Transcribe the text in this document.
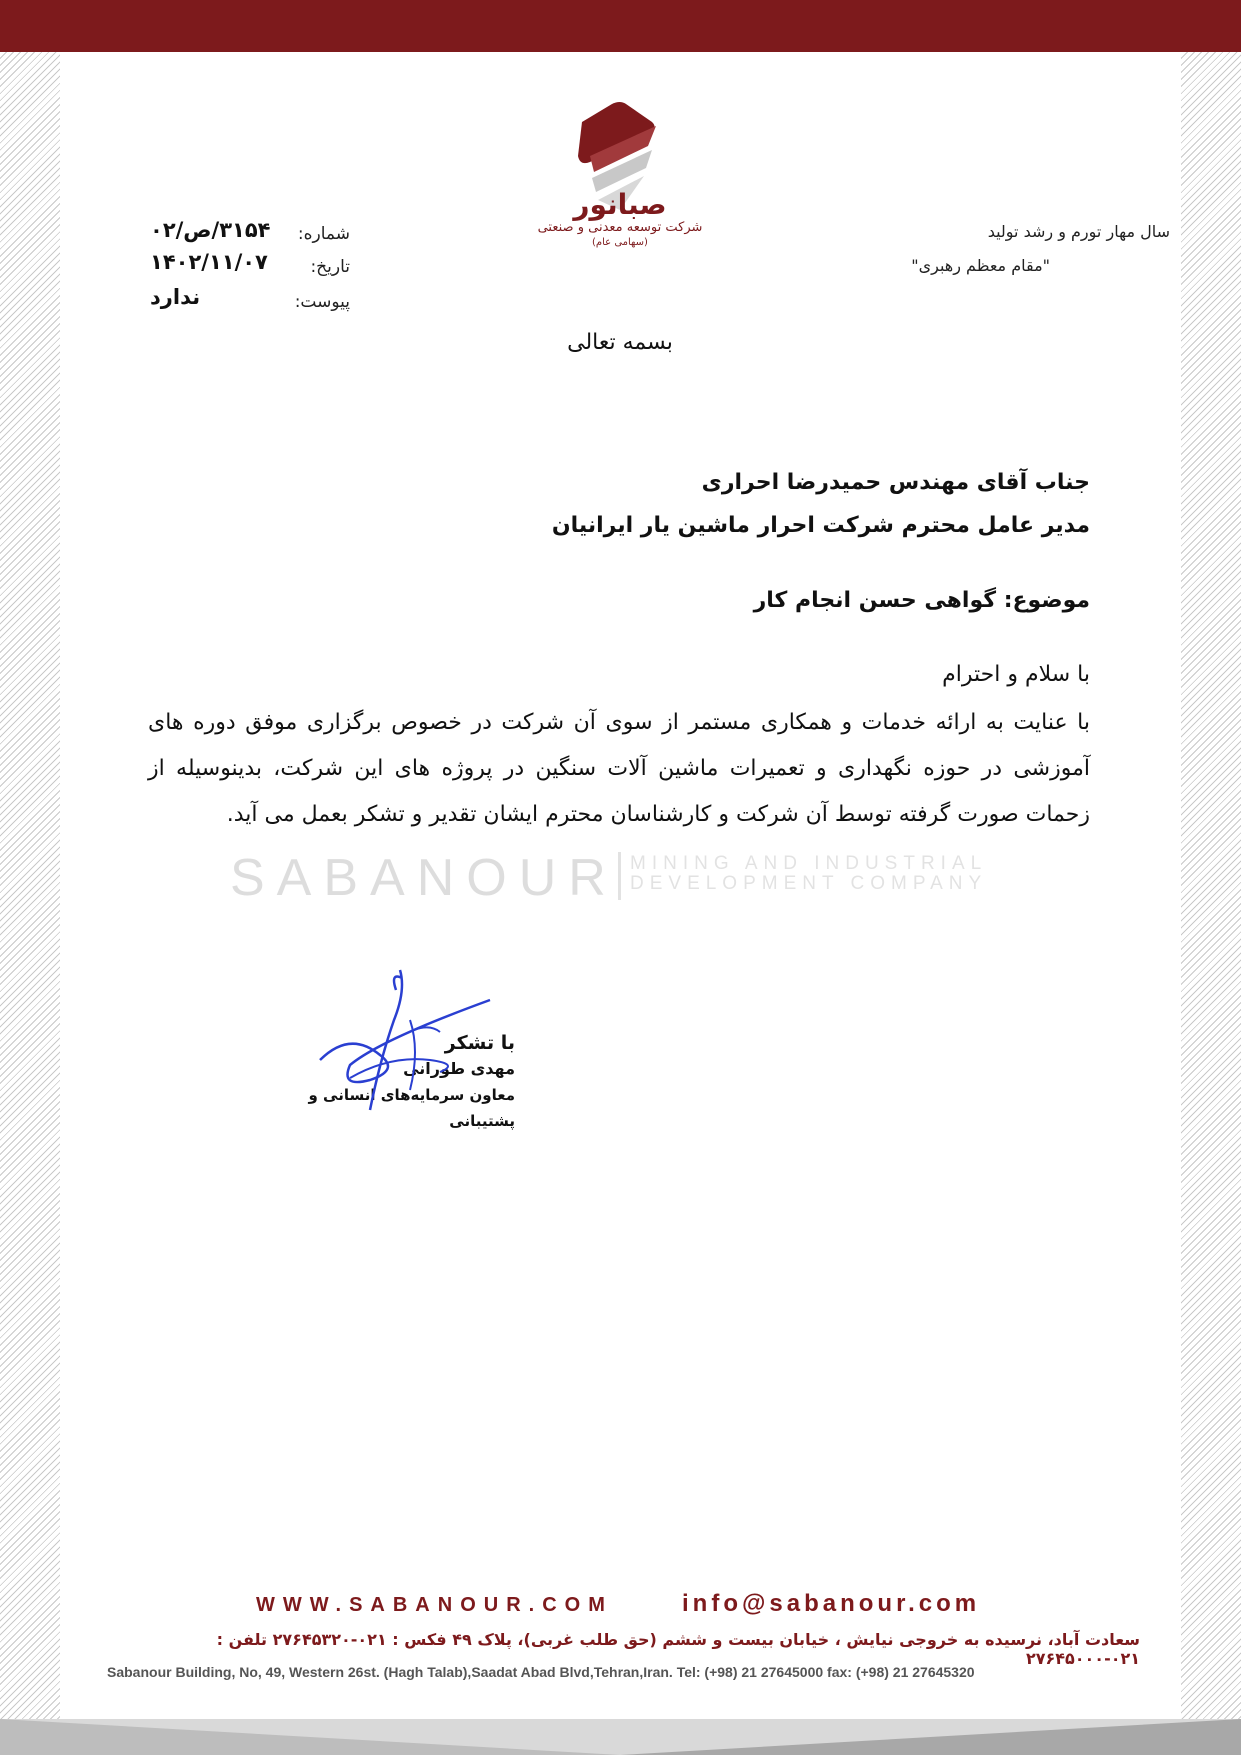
صبانور
شرکت توسعه معدنی و صنعتی
(سهامی عام)
شماره:
۳۱۵۴/ص/۰۲
تاریخ:
۱۴۰۲/۱۱/۰۷
پیوست:
ندارد
سال مهار تورم و رشد تولید
"مقام معظم رهبری"
بسمه تعالی
جناب آقای مهندس حمیدرضا احراری
مدیر عامل محترم شرکت احرار ماشین یار ایرانیان
موضوع: گواهی حسن انجام کار
با سلام و احترام
با عنایت به ارائه خدمات و همکاری مستمر از سوی آن شرکت در خصوص برگزاری موفق دوره های آموزشی در حوزه نگهداری و تعمیرات ماشین آلات سنگین در پروژه های این شرکت، بدینوسیله از زحمات صورت گرفته توسط آن شرکت و کارشناسان محترم ایشان تقدیر و تشکر بعمل می آید.
SABANOUR MINING AND INDUSTRIAL
DEVELOPMENT COMPANY
با تشکر
مهدی طورانی
معاون سرمایه‌های انسانی و پشتیبانی
WWW.SABANOUR.COM	info@sabanour.com
سعادت آباد، نرسیده به خروجی نیایش ، خیابان بیست و ششم (حق طلب غربی)، پلاک ۴۹ فکس : ۰۲۱-۲۷۶۴۵۳۲۰ تلفن : ۰۲۱-۲۷۶۴۵۰۰۰
Sabanour Building, No, 49, Western 26st. (Hagh Talab),Saadat Abad Blvd,Tehran,Iran. Tel: (+98) 21 27645000 fax: (+98) 21 27645320
